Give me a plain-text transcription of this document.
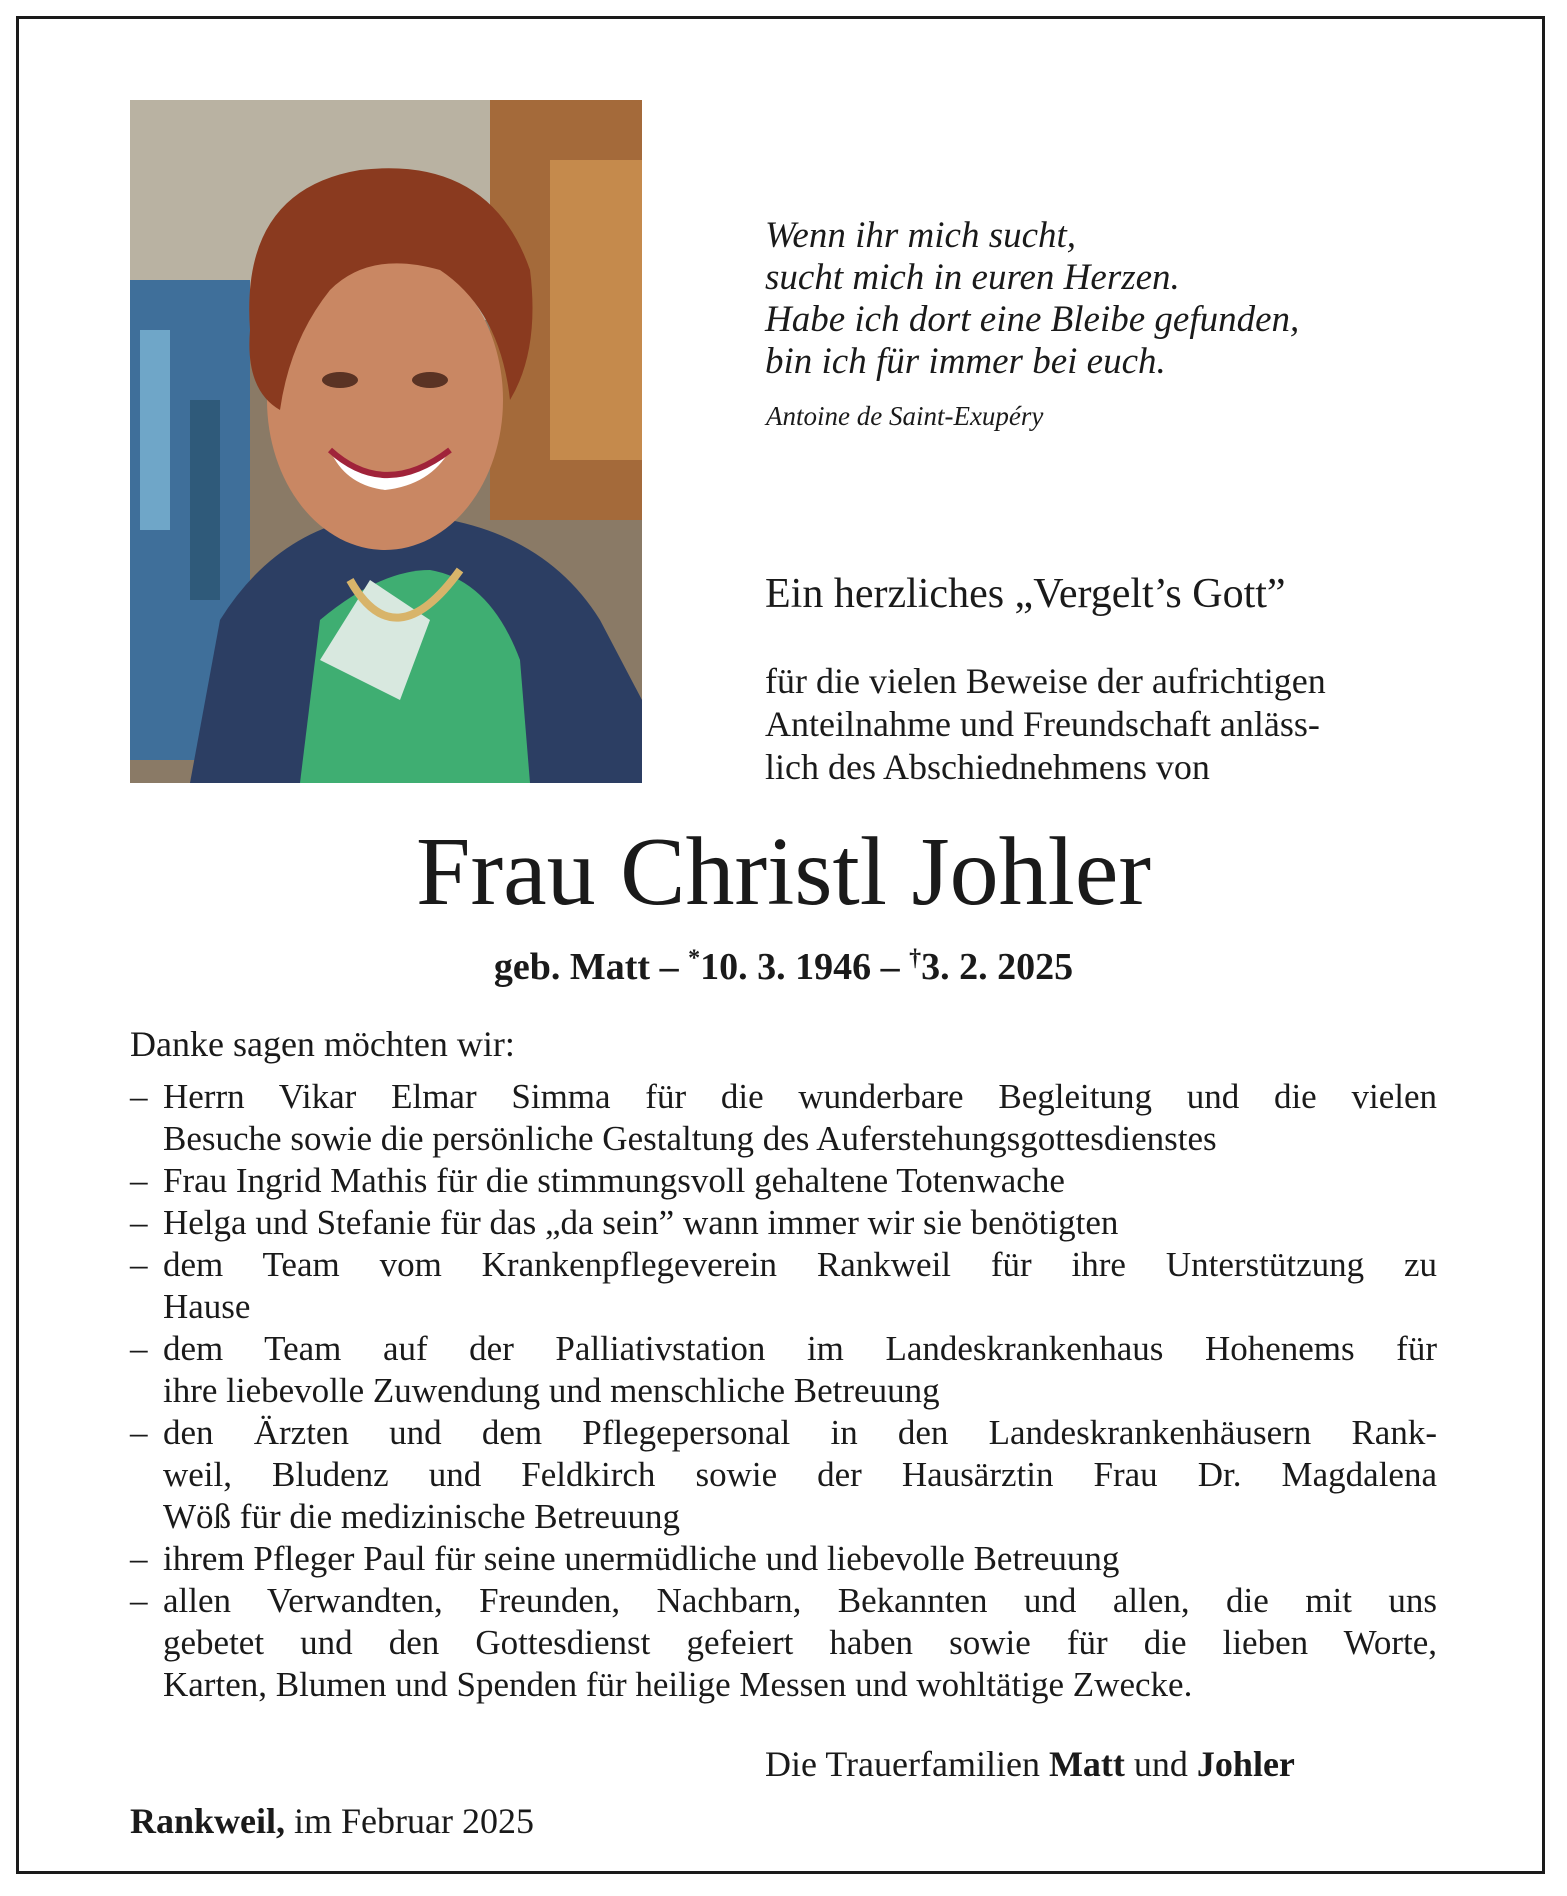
Wenn ihr mich sucht,
sucht mich in euren Herzen.
Habe ich dort eine Bleibe gefunden,
bin ich für immer bei euch.
Antoine de Saint-Exupéry
Ein herzliches „Vergelt’s Gott”
für die vielen Beweise der aufrichtigen
Anteilnahme und Freundschaft anläss-
lich des Abschiednehmens von
Frau Christl Johler
geb. Matt – *10. 3. 1946 – †3. 2. 2025
Danke sagen möchten wir:
– Herrn Vikar Elmar Simma für die wunderbare Begleitung und die vielen
Besuche sowie die persönliche Gestaltung des Auferstehungsgottesdienstes
– Frau Ingrid Mathis für die stimmungsvoll gehaltene Totenwache
– Helga und Stefanie für das „da sein” wann immer wir sie benötigten
– dem Team vom Krankenpflegeverein Rankweil für ihre Unterstützung zu
Hause
– dem Team auf der Palliativstation im Landeskrankenhaus Hohenems für
ihre liebevolle Zuwendung und menschliche Betreuung
– den Ärzten und dem Pflegepersonal in den Landeskrankenhäusern Rank-
weil, Bludenz und Feldkirch sowie der Hausärztin Frau Dr. Magdalena
Wöß für die medizinische Betreuung
– ihrem Pfleger Paul für seine unermüdliche und liebevolle Betreuung
– allen Verwandten, Freunden, Nachbarn, Bekannten und allen, die mit uns
gebetet und den Gottesdienst gefeiert haben sowie für die lieben Worte,
Karten, Blumen und Spenden für heilige Messen und wohltätige Zwecke.
Die Trauerfamilien Matt und Johler
Rankweil, im Februar 2025
